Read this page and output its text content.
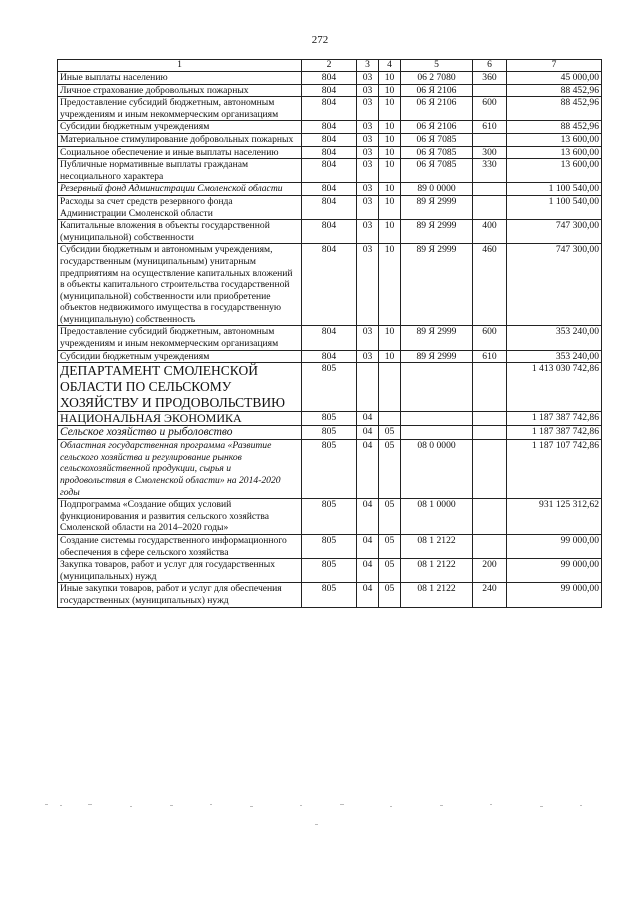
272
1	2	3	4	5	6	7
Иные выплаты населению	804	03	10	06 2 7080	360	45 000,00
Личное страхование добровольных пожарных	804	03	10	06 Я 2106		88 452,96
Предоставление субсидий бюджетным, автономным учреждениям и иным некоммерческим организациям	804	03	10	06 Я 2106	600	88 452,96
Субсидии бюджетным учреждениям	804	03	10	06 Я 2106	610	88 452,96
Материальное стимулирование добровольных пожарных	804	03	10	06 Я 7085		13 600,00
Социальное обеспечение и иные выплаты населению	804	03	10	06 Я 7085	300	13 600,00
Публичные нормативные выплаты гражданам несоциального характера	804	03	10	06 Я 7085	330	13 600,00
Резервный фонд Администрации Смоленской области	804	03	10	89 0 0000		1 100 540,00
Расходы за счет средств резервного фонда Администрации Смоленской области	804	03	10	89 Я 2999		1 100 540,00
Капитальные вложения в объекты государственной (муниципальной) собственности	804	03	10	89 Я 2999	400	747 300,00
Субсидии бюджетным и автономным учреждениям, государственным (муниципальным) унитарным предприятиям на осуществление капитальных вложений в объекты капитального строительства государственной (муниципальной) собственности или приобретение объектов недвижимого имущества в государственную (муниципальную) собственность	804	03	10	89 Я 2999	460	747 300,00
Предоставление субсидий бюджетным, автономным учреждениям и иным некоммерческим организациям	804	03	10	89 Я 2999	600	353 240,00
Субсидии бюджетным учреждениям	804	03	10	89 Я 2999	610	353 240,00
ДЕПАРТАМЕНТ СМОЛЕНСКОЙ ОБЛАСТИ ПО СЕЛЬСКОМУ ХОЗЯЙСТВУ И ПРОДОВОЛЬСТВИЮ	805					1 413 030 742,86
НАЦИОНАЛЬНАЯ ЭКОНОМИКА	805	04				1 187 387 742,86
Сельское хозяйство и рыболовство	805	04	05			1 187 387 742,86
Областная государственная программа «Развитие сельского хозяйства и регулирование рынков сельскохозяйственной продукции, сырья и продовольствия в Смоленской области» на 2014-2020 годы	805	04	05	08 0 0000		1 187 107 742,86
Подпрограмма «Создание общих условий функционирования и развития сельского хозяйства Смоленской области на 2014–2020 годы»	805	04	05	08 1 0000		931 125 312,62
Создание системы государственного информационного обеспечения в сфере сельского хозяйства	805	04	05	08 1 2122		99 000,00
Закупка товаров, работ и услуг для государственных (муниципальных) нужд	805	04	05	08 1 2122	200	99 000,00
Иные закупки товаров, работ и услуг для обеспечения государственных (муниципальных) нужд	805	04	05	08 1 2122	240	99 000,00
